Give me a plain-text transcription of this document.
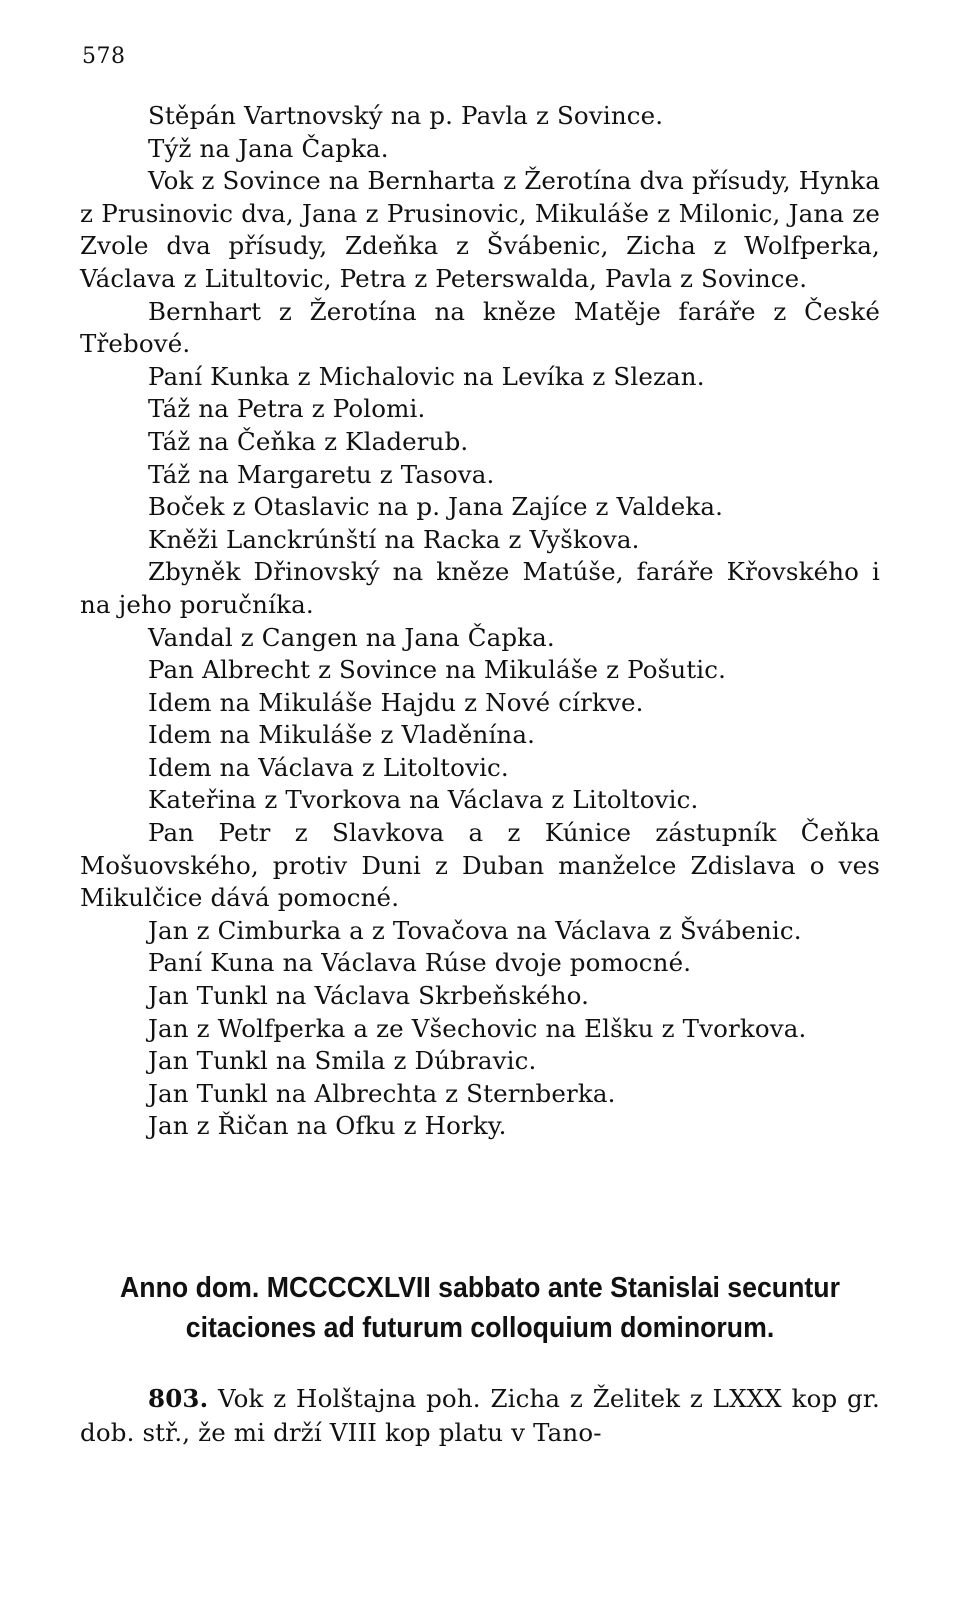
578

Stěpán Vartnovský na p. Pavla z Sovince.

Týž na Jana Čapka.

Vok z Sovince na Bernharta z Žerotína dva přísudy, Hynka z Prusinovic dva, Jana z Prusinovic, Mikuláše z Milonic, Jana ze Zvole dva přísudy, Zdeňka z Švábenic, Zicha z Wolfperka, Václava z Litultovic, Petra z Peterswalda, Pavla z Sovince.

Bernhart z Žerotína na kněze Matěje faráře z České Třebové.

Paní Kunka z Michalovic na Levíka z Slezan.

Táž na Petra z Polomi.

Táž na Čeňka z Kladerub.

Táž na Margaretu z Tasova.

Boček z Otaslavic na p. Jana Zajíce z Valdeka.

Kněži Lanckrúnští na Racka z Vyškova.

Zbyněk Dřinovský na kněze Matúše, faráře Křovského i na jeho poručníka.

Vandal z Cangen na Jana Čapka.

Pan Albrecht z Sovince na Mikuláše z Pošutic.

Idem na Mikuláše Hajdu z Nové církve.

Idem na Mikuláše z Vladěnína.

Idem na Václava z Litoltovic.

Kateřina z Tvorkova na Václava z Litoltovic.

Pan Petr z Slavkova a z Kúnice zástupník Čeňka Mošuovského, protiv Duni z Duban manželce Zdislava o ves Mikulčice dává pomocné.

Jan z Cimburka a z Tovačova na Václava z Švábenic.

Paní Kuna na Václava Rúse dvoje pomocné.

Jan Tunkl na Václava Skrbeňského.

Jan z Wolfperka a ze Všechovic na Elšku z Tvorkova.

Jan Tunkl na Smila z Dúbravic.

Jan Tunkl na Albrechta z Sternberka.

Jan z Řičan na Ofku z Horky.

Anno dom. MCCCCXLVII sabbato ante Stanislai secuntur citaciones ad futurum colloquium dominorum.
803. Vok z Holštajna poh. Zicha z Želitek z LXXX kop gr. dob. stř., že mi drží VIII kop platu v Tano-
